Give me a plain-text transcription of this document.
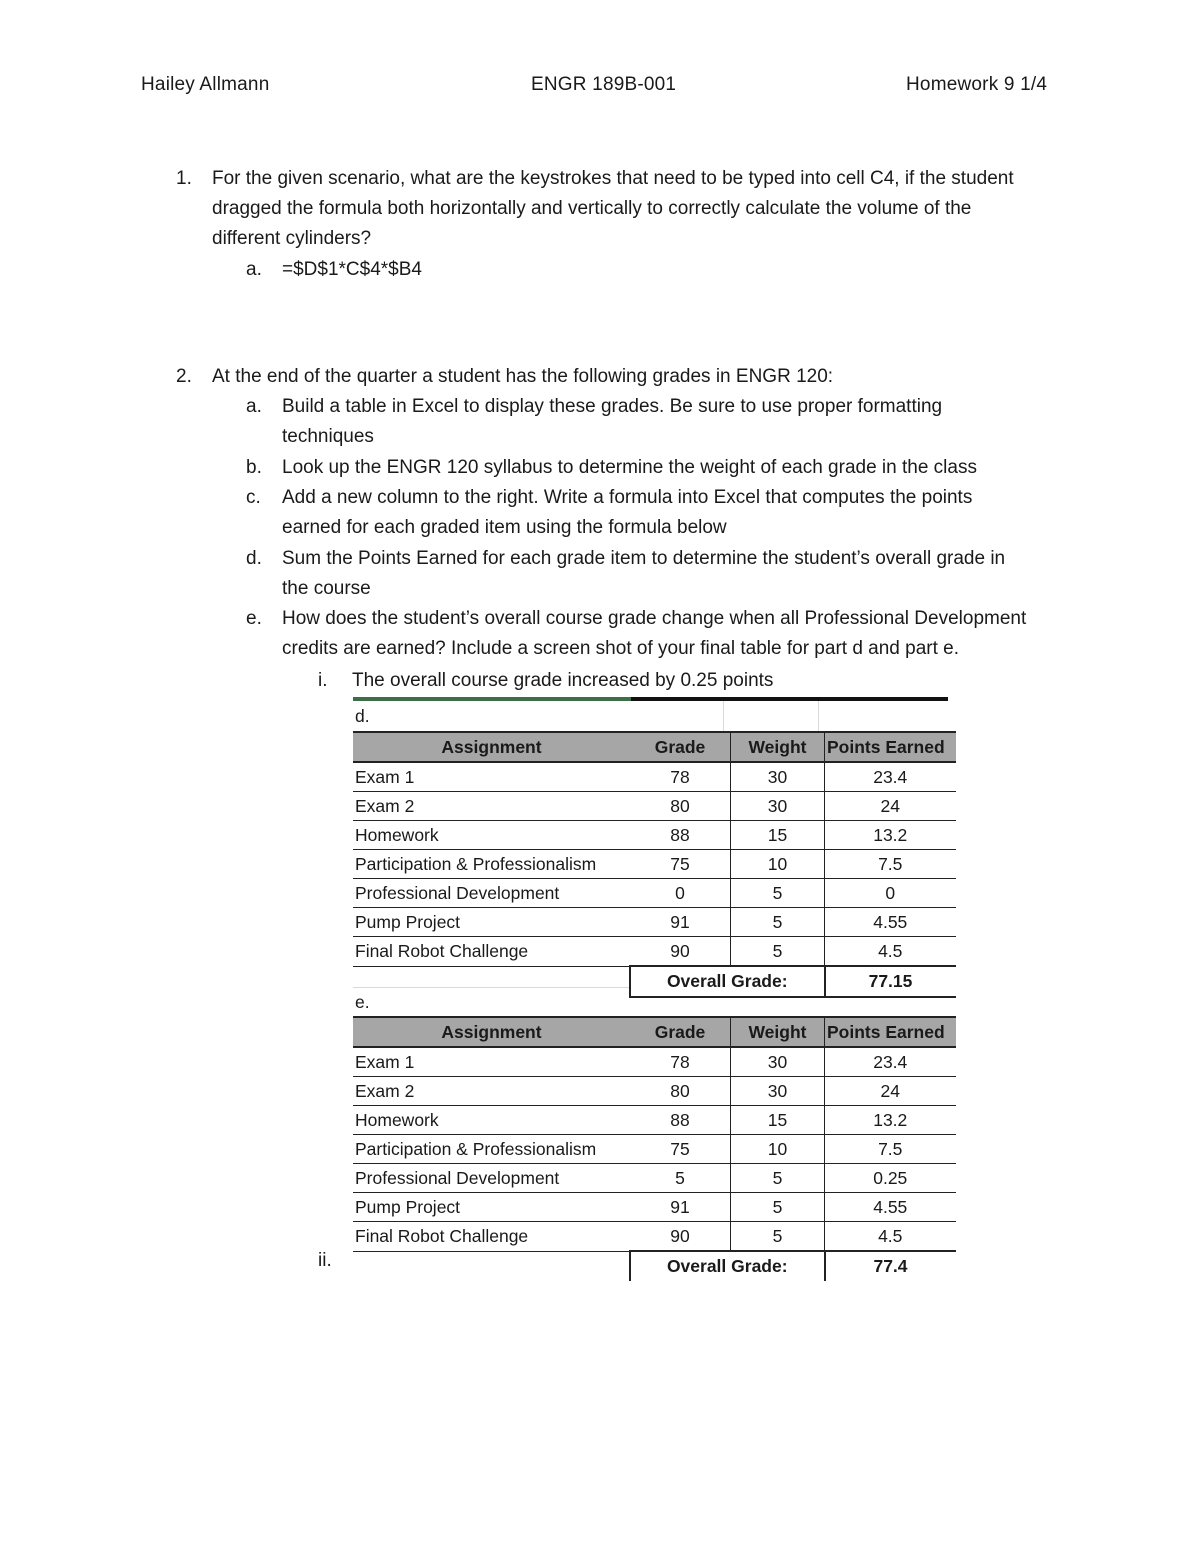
Hailey Allmann	ENGR 189B-001	Homework 9 1/4
1. For the given scenario, what are the keystrokes that need to be typed into cell C4, if the student
dragged the formula both horizontally and vertically to correctly calculate the volume of the
different cylinders?
a. =$D$1*C$4*$B4
2. At the end of the quarter a student has the following grades in ENGR 120:
a. Build a table in Excel to display these grades. Be sure to use proper formatting
techniques
b. Look up the ENGR 120 syllabus to determine the weight of each grade in the class
c. Add a new column to the right. Write a formula into Excel that computes the points
earned for each graded item using the formula below
d. Sum the Points Earned for each grade item to determine the student’s overall grade in
the course
e. How does the student’s overall course grade change when all Professional Development
credits are earned? Include a screen shot of your final table for part d and part e.
i. The overall course grade increased by 0.25 points
d.
Assignment	Grade	Weight	Points Earned
Exam 1	78	30	23.4
Exam 2	80	30	24
Homework	88	15	13.2
Participation & Professionalism	75	10	7.5
Professional Development	0	5	0
Pump Project	91	5	4.55
Final Robot Challenge	90	5	4.5
	Overall Grade:		77.15
e.
Assignment	Grade	Weight	Points Earned
Exam 1	78	30	23.4
Exam 2	80	30	24
Homework	88	15	13.2
Participation & Professionalism	75	10	7.5
Professional Development	5	5	0.25
Pump Project	91	5	4.55
Final Robot Challenge	90	5	4.5
	Overall Grade:		77.4
ii.
